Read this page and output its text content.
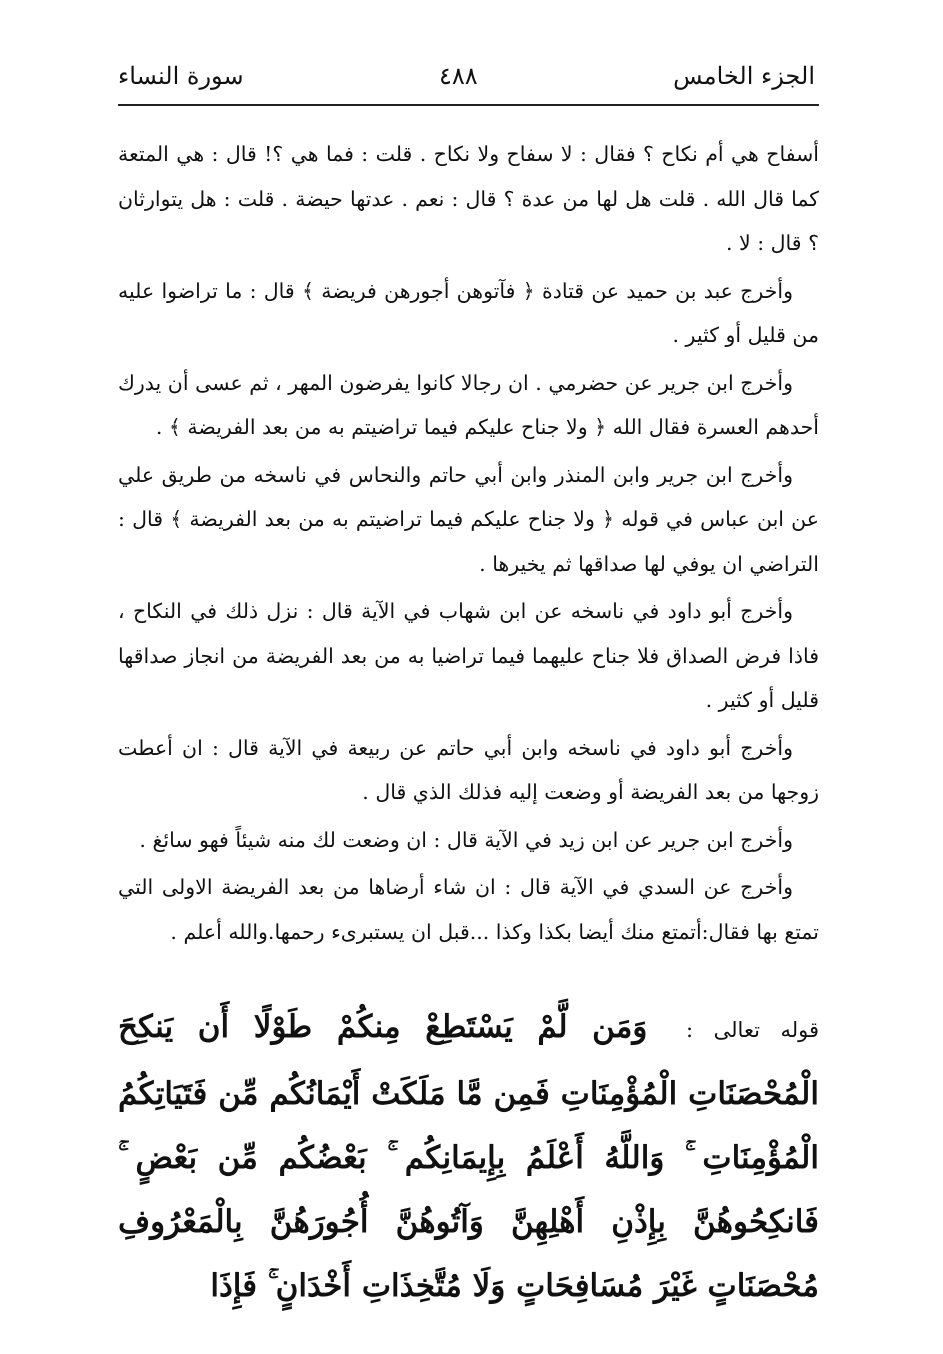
الجزء الخامس
٤٨٨
سورة النساء

أسفاح هي أم نكاح ؟ فقال : لا سفاح ولا نكاح . قلت : فما هي ؟! قال : هي المتعة كما قال الله . قلت هل لها من عدة ؟ قال : نعم . عدتها حيضة . قلت : هل يتوارثان ؟ قال : لا .

وأخرج عبد بن حميد عن قتادة ﴿ فآتوهن أجورهن فريضة ﴾ قال : ما تراضوا عليه من قليل أو كثير .

وأخرج ابن جرير عن حضرمي . ان رجالا كانوا يفرضون المهر ، ثم عسى أن يدرك أحدهم العسرة فقال الله ﴿ ولا جناح عليكم فيما تراضيتم به من بعد الفريضة ﴾ .

وأخرج ابن جرير وابن المنذر وابن أبي حاتم والنحاس في ناسخه من طريق علي عن ابن عباس في قوله ﴿ ولا جناح عليكم فيما تراضيتم به من بعد الفريضة ﴾ قال : التراضي ان يوفي لها صداقها ثم يخيرها .

وأخرج أبو داود في ناسخه عن ابن شهاب في الآية قال : نزل ذلك في النكاح ، فاذا فرض الصداق فلا جناح عليهما فيما تراضيا به من بعد الفريضة من انجاز صداقها قليل أو كثير .

وأخرج أبو داود في ناسخه وابن أبي حاتم عن ربيعة في الآية قال : ان أعطت زوجها من بعد الفريضة أو وضعت إليه فذلك الذي قال .

وأخرج ابن جرير عن ابن زيد في الآية قال : ان وضعت لك منه شيئاً فهو سائغ .

وأخرج عن السدي في الآية قال : ان شاء أرضاها من بعد الفريضة الاولى التي تمتع بها فقال:أتمتع منك أيضا بكذا وكذا ...قبل ان يستبرىء رحمها.والله أعلم .

قوله تعالى : وَمَن لَّمْ يَسْتَطِعْ مِنكُمْ طَوْلًا أَن يَنكِحَ الْمُحْصَنَاتِ الْمُؤْمِنَاتِ فَمِن مَّا مَلَكَتْ أَيْمَانُكُم مِّن فَتَيَاتِكُمُ الْمُؤْمِنَاتِ ۚ وَاللَّهُ أَعْلَمُ بِإِيمَانِكُم ۚ بَعْضُكُم مِّن بَعْضٍ ۚ فَانكِحُوهُنَّ بِإِذْنِ أَهْلِهِنَّ وَآتُوهُنَّ أُجُورَهُنَّ بِالْمَعْرُوفِ مُحْصَنَاتٍ غَيْرَ مُسَافِحَاتٍ وَلَا مُتَّخِذَاتِ أَخْدَانٍ ۚ فَإِذَا
